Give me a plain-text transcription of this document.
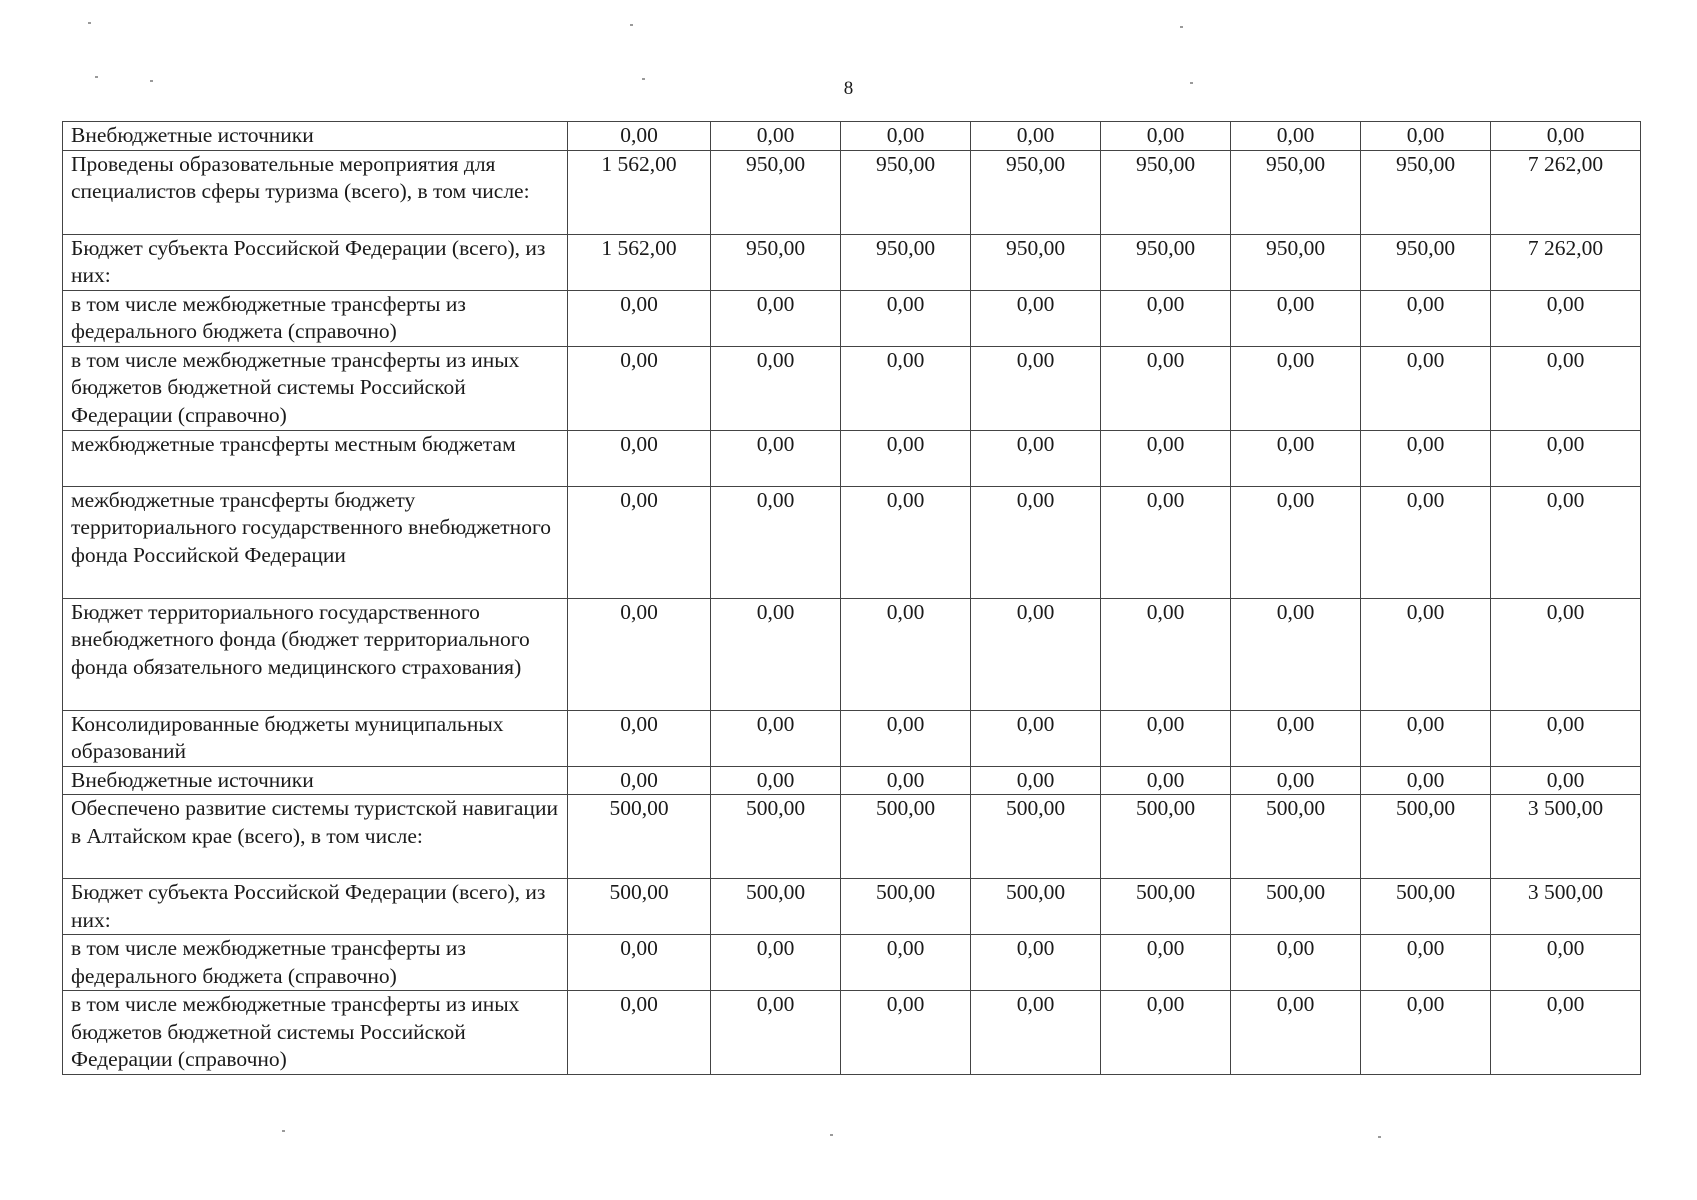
8
Внебюджетные источники	0,00	0,00	0,00	0,00	0,00	0,00	0,00	0,00
Проведены образовательные мероприятия для специалистов сферы туризма (всего), в том числе:	1 562,00	950,00	950,00	950,00	950,00	950,00	950,00	7 262,00
Бюджет субъекта Российской Федерации (всего), из них:	1 562,00	950,00	950,00	950,00	950,00	950,00	950,00	7 262,00
в том числе межбюджетные трансферты из федерального бюджета (справочно)	0,00	0,00	0,00	0,00	0,00	0,00	0,00	0,00
в том числе межбюджетные трансферты из иных бюджетов бюджетной системы Российской Федерации (справочно)	0,00	0,00	0,00	0,00	0,00	0,00	0,00	0,00
межбюджетные трансферты местным бюджетам	0,00	0,00	0,00	0,00	0,00	0,00	0,00	0,00
межбюджетные трансферты бюджету территориального государственного внебюджетного фонда Российской Федерации	0,00	0,00	0,00	0,00	0,00	0,00	0,00	0,00
Бюджет территориального государственного внебюджетного фонда (бюджет территориального фонда обязательного медицинского страхования)	0,00	0,00	0,00	0,00	0,00	0,00	0,00	0,00
Консолидированные бюджеты муниципальных образований	0,00	0,00	0,00	0,00	0,00	0,00	0,00	0,00
Внебюджетные источники	0,00	0,00	0,00	0,00	0,00	0,00	0,00	0,00
Обеспечено развитие системы туристской навигации в Алтайском крае (всего), в том числе:	500,00	500,00	500,00	500,00	500,00	500,00	500,00	3 500,00
Бюджет субъекта Российской Федерации (всего), из них:	500,00	500,00	500,00	500,00	500,00	500,00	500,00	3 500,00
в том числе межбюджетные трансферты из федерального бюджета (справочно)	0,00	0,00	0,00	0,00	0,00	0,00	0,00	0,00
в том числе межбюджетные трансферты из иных бюджетов бюджетной системы Российской Федерации (справочно)	0,00	0,00	0,00	0,00	0,00	0,00	0,00	0,00
